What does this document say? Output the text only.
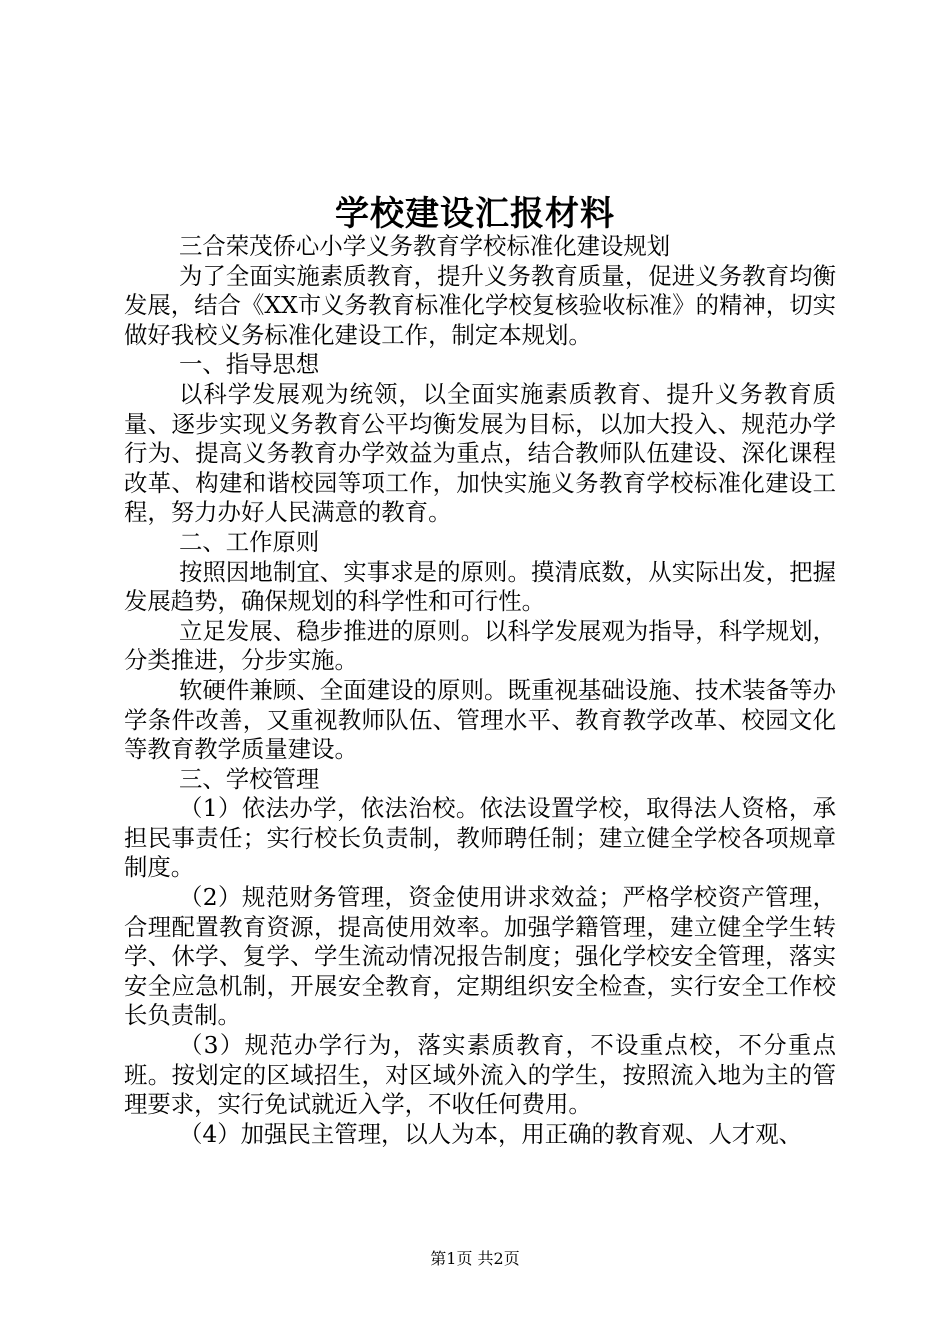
学校建设汇报材料

三合荣茂侨心小学义务教育学校标准化建设规划

为了全面实施素质教育，提升义务教育质量，促进义务教育均衡发展，结合《XX市义务教育标准化学校复核验收标准》的精神，切实做好我校义务标准化建设工作，制定本规划。

一、指导思想

以科学发展观为统领，以全面实施素质教育、提升义务教育质量、逐步实现义务教育公平均衡发展为目标，以加大投入、规范办学行为、提高义务教育办学效益为重点，结合教师队伍建设、深化课程改革、构建和谐校园等项工作，加快实施义务教育学校标准化建设工程，努力办好人民满意的教育。

二、工作原则

按照因地制宜、实事求是的原则。摸清底数，从实际出发，把握发展趋势，确保规划的科学性和可行性。

立足发展、稳步推进的原则。以科学发展观为指导，科学规划，分类推进，分步实施。

软硬件兼顾、全面建设的原则。既重视基础设施、技术装备等办学条件改善，又重视教师队伍、管理水平、教育教学改革、校园文化等教育教学质量建设。

三、学校管理

（1）依法办学，依法治校。依法设置学校，取得法人资格，承担民事责任；实行校长负责制，教师聘任制；建立健全学校各项规章制度。

（2）规范财务管理，资金使用讲求效益；严格学校资产管理，合理配置教育资源，提高使用效率。加强学籍管理，建立健全学生转学、休学、复学、学生流动情况报告制度；强化学校安全管理，落实安全应急机制，开展安全教育，定期组织安全检查，实行安全工作校长负责制。

（3）规范办学行为，落实素质教育，不设重点校，不分重点班。按划定的区域招生，对区域外流入的学生，按照流入地为主的管理要求，实行免试就近入学，不收任何费用。

（4）加强民主管理，以人为本，用正确的教育观、人才观、

第1页 共2页
